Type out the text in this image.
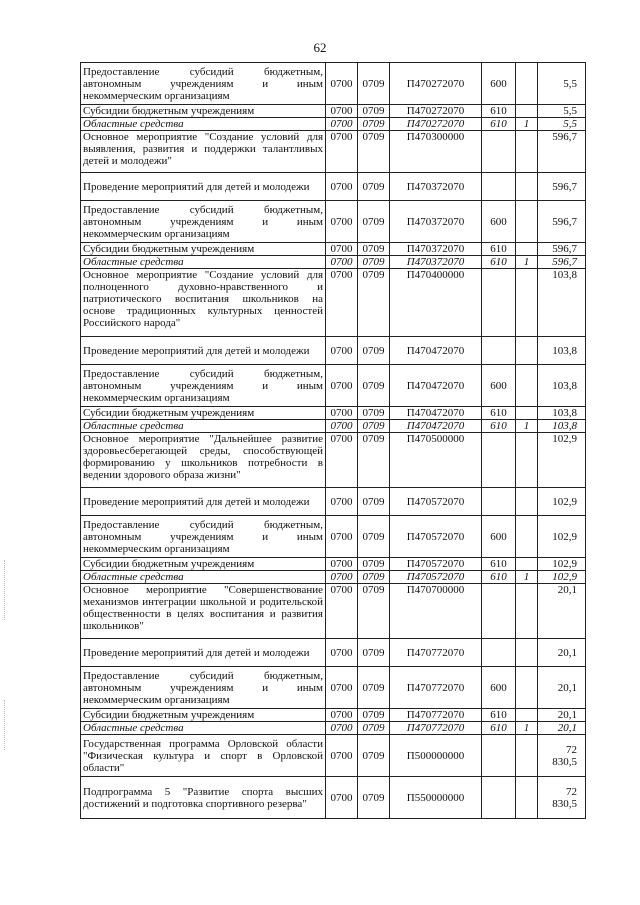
62
Предоставление субсидий бюджетным, автономным учреждениям и иным некоммерческим организациям	0700	0709	П470272070	600		5,5
Субсидии бюджетным учреждениям	0700	0709	П470272070	610		5,5
Областные средства	0700	0709	П470272070	610	1	5,5
Основное мероприятие "Создание условий для выявления, развития и поддержки талантливых детей и молодежи"	0700	0709	П470300000			596,7
Проведение мероприятий для детей и молодежи	0700	0709	П470372070			596,7
Предоставление субсидий бюджетным, автономным учреждениям и иным некоммерческим организациям	0700	0709	П470372070	600		596,7
Субсидии бюджетным учреждениям	0700	0709	П470372070	610		596,7
Областные средства	0700	0709	П470372070	610	1	596,7
Основное мероприятие "Создание условий для полноценного духовно-нравственного и патриотического воспитания школьников на основе традиционных культурных ценностей Российского народа"	0700	0709	П470400000			103,8
Проведение мероприятий для детей и молодежи	0700	0709	П470472070			103,8
Предоставление субсидий бюджетным, автономным учреждениям и иным некоммерческим организациям	0700	0709	П470472070	600		103,8
Субсидии бюджетным учреждениям	0700	0709	П470472070	610		103,8
Областные средства	0700	0709	П470472070	610	1	103,8
Основное мероприятие "Дальнейшее развитие здоровьесберегающей среды, способствующей формированию у школьников потребности в ведении здорового образа жизни"	0700	0709	П470500000			102,9
Проведение мероприятий для детей и молодежи	0700	0709	П470572070			102,9
Предоставление субсидий бюджетным, автономным учреждениям и иным некоммерческим организациям	0700	0709	П470572070	600		102,9
Субсидии бюджетным учреждениям	0700	0709	П470572070	610		102,9
Областные средства	0700	0709	П470572070	610	1	102,9
Основное мероприятие "Совершенствование механизмов интеграции школьной и родительской общественности в целях воспитания и развития школьников"	0700	0709	П470700000			20,1
Проведение мероприятий для детей и молодежи	0700	0709	П470772070			20,1
Предоставление субсидий бюджетным, автономным учреждениям и иным некоммерческим организациям	0700	0709	П470772070	600		20,1
Субсидии бюджетным учреждениям	0700	0709	П470772070	610		20,1
Областные средства	0700	0709	П470772070	610	1	20,1
Государственная программа Орловской области "Физическая культура и спорт в Орловской области"	0700	0709	П500000000			72 830,5
Подпрограмма 5 "Развитие спорта высших достижений и подготовка спортивного резерва"	0700	0709	П550000000			72 830,5
